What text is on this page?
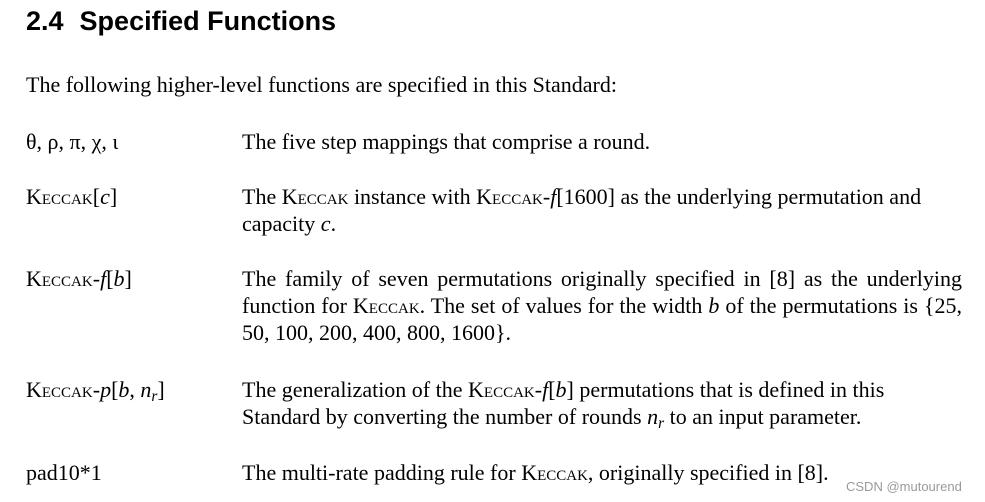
2.4 Specified Functions

The following higher-level functions are specified in this Standard:

θ, ρ, π, χ, ι	The five step mappings that comprise a round.

Keccak[c]	The Keccak instance with Keccak-f[1600] as the underlying permutation and capacity c.

Keccak-f[b]	The family of seven permutations originally specified in [8] as the underlying function for Keccak. The set of values for the width b of the permutations is {25, 50, 100, 200, 400, 800, 1600}.

Keccak-p[b, $n_r$]	The generalization of the Keccak-f[b] permutations that is defined in this Standard by converting the number of rounds $n_r$ to an input parameter.

pad10*1	The multi-rate padding rule for Keccak, originally specified in [8].

CSDN @mutourend
